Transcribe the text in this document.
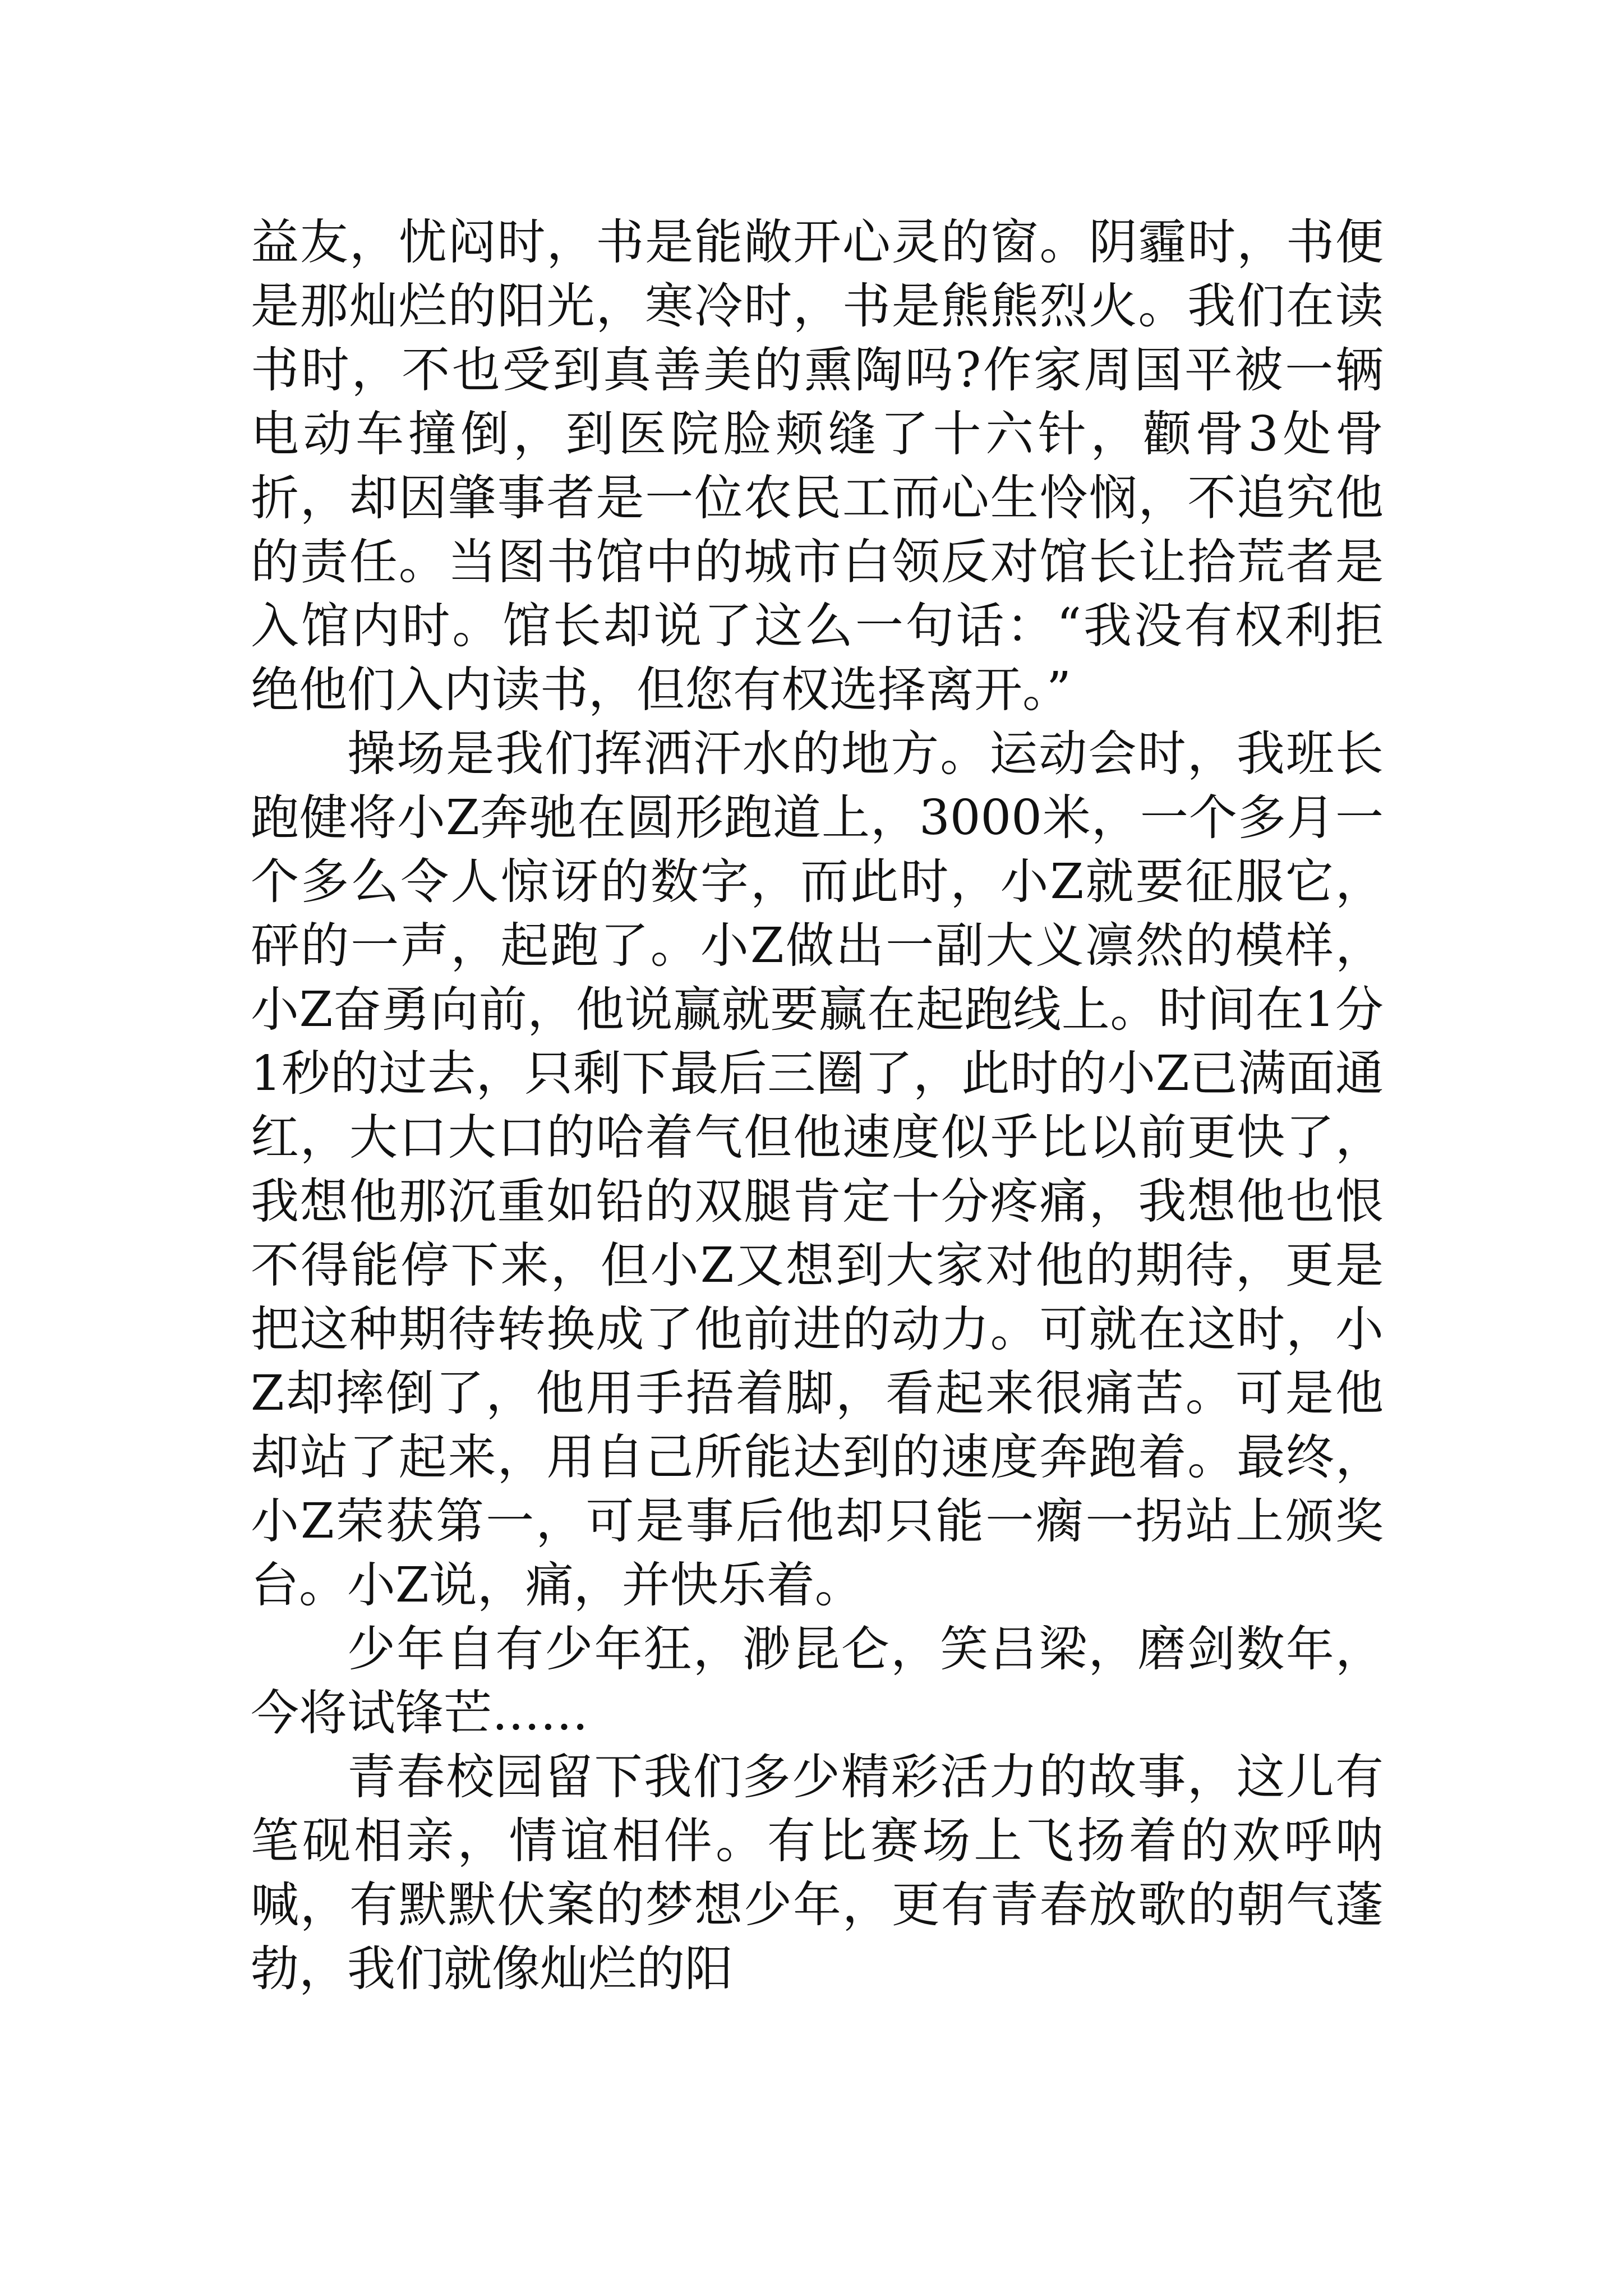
益友，忧闷时，书是能敞开心灵的窗。阴霾时，书便是那灿烂的阳光，寒冷时，书是熊熊烈火。我们在读书时，不也受到真善美的熏陶吗?作家周国平被一辆电动车撞倒，到医院脸颊缝了十六针，颧骨3处骨折，却因肇事者是一位农民工而心生怜悯，不追究他的责任。当图书馆中的城市白领反对馆长让拾荒者是入馆内时。馆长却说了这么一句话：“我没有权利拒绝他们入内读书，但您有权选择离开。”

操场是我们挥洒汗水的地方。运动会时，我班长跑健将小Z奔驰在圆形跑道上，3000米，一个多月一个多么令人惊讶的数字，而此时，小Z就要征服它，砰的一声，起跑了。小Z做出一副大义凛然的模样，小Z奋勇向前，他说赢就要赢在起跑线上。时间在1分1秒的过去，只剩下最后三圈了，此时的小Z已满面通红，大口大口的哈着气但他速度似乎比以前更快了，我想他那沉重如铅的双腿肯定十分疼痛，我想他也恨不得能停下来，但小Z又想到大家对他的期待，更是把这种期待转换成了他前进的动力。可就在这时，小Z却摔倒了，他用手捂着脚，看起来很痛苦。可是他却站了起来，用自己所能达到的速度奔跑着。最终，小Z荣获第一，可是事后他却只能一瘸一拐站上颁奖台。小Z说，痛，并快乐着。

少年自有少年狂，渺昆仑，笑吕梁，磨剑数年，今将试锋芒……

青春校园留下我们多少精彩活力的故事，这儿有笔砚相亲，情谊相伴。有比赛场上飞扬着的欢呼呐喊，有默默伏案的梦想少年，更有青春放歌的朝气蓬勃，我们就像灿烂的阳
